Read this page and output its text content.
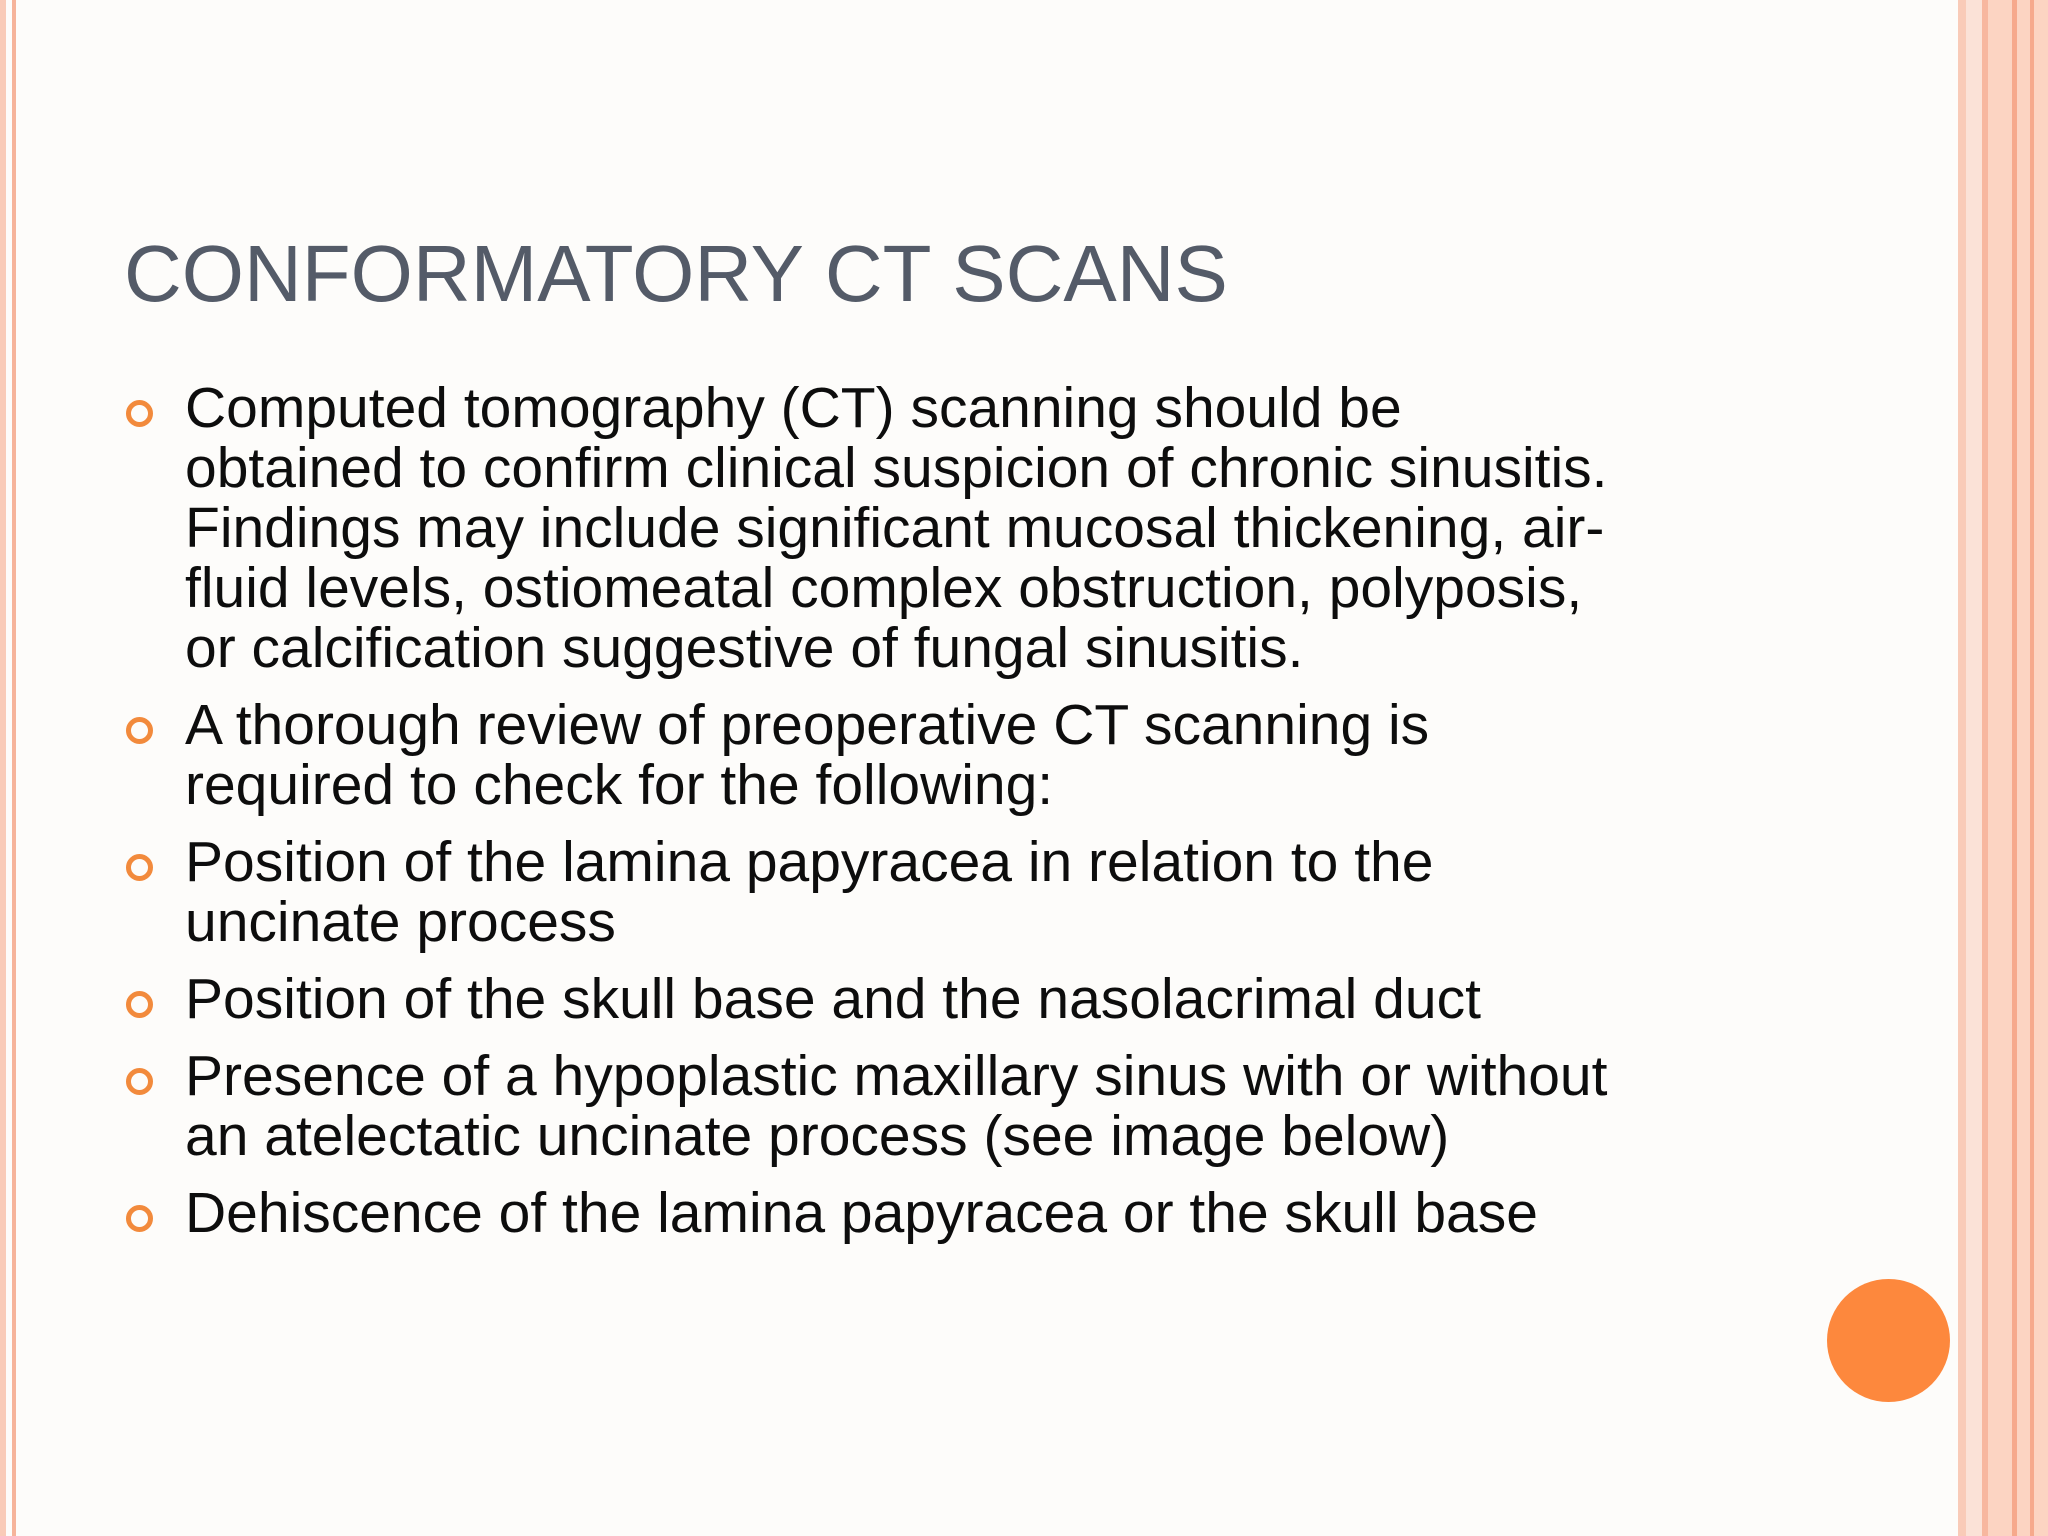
CONFORMATORY CT SCANS
Computed tomography (CT) scanning should be
obtained to confirm clinical suspicion of chronic sinusitis.
Findings may include significant mucosal thickening, air-
fluid levels, ostiomeatal complex obstruction, polyposis,
or calcification suggestive of fungal sinusitis.
A thorough review of preoperative CT scanning is
required to check for the following:
Position of the lamina papyracea in relation to the
uncinate process
Position of the skull base and the nasolacrimal duct
Presence of a hypoplastic maxillary sinus with or without
an atelectatic uncinate process (see image below)
Dehiscence of the lamina papyracea or the skull base
